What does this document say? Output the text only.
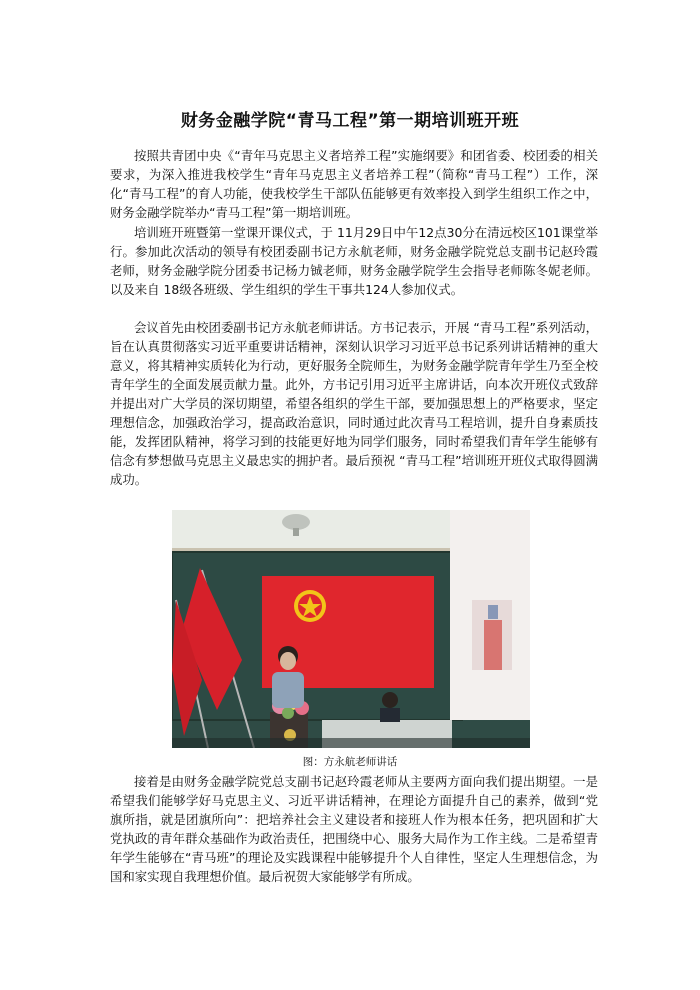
财务金融学院“青马工程”第一期培训班开班

按照共青团中央《“青年马克思主义者培养工程”实施纲要》和团省委、校团委的相关要求，为深入推进我校学生“青年马克思主义者培养工程”（简称“青马工程”）工作，深化“青马工程”的育人功能，使我校学生干部队伍能够更有效率投入到学生组织工作之中，财务金融学院举办“青马工程”第一期培训班。

培训班开班暨第一堂课开课仪式，于 11月29日中午12点30分在清远校区101课堂举行。参加此次活动的领导有校团委副书记方永航老师，财务金融学院党总支副书记赵玲霞老师，财务金融学院分团委书记杨力铖老师，财务金融学院学生会指导老师陈冬妮老师。以及来自 18级各班级、学生组织的学生干事共124人参加仪式。

会议首先由校团委副书记方永航老师讲话。方书记表示，开展 “青马工程”系列活动，旨在认真贯彻落实习近平重要讲话精神，深刻认识学习习近平总书记系列讲话精神的重大意义，将其精神实质转化为行动，更好服务全院师生，为财务金融学院青年学生乃至全校青年学生的全面发展贡献力量。此外，方书记引用习近平主席讲话，向本次开班仪式致辞并提出对广大学员的深切期望，希望各组织的学生干部，要加强思想上的严格要求，坚定理想信念，加强政治学习，提高政治意识，同时通过此次青马工程培训，提升自身素质技能，发挥团队精神，将学习到的技能更好地为同学们服务，同时希望我们青年学生能够有信念有梦想做马克思主义最忠实的拥护者。最后预祝 “青马工程”培训班开班仪式取得圆满成功。

图：方永航老师讲话

接着是由财务金融学院党总支副书记赵玲霞老师从主要两方面向我们提出期望。一是希望我们能够学好马克思主义、习近平讲话精神，在理论方面提升自己的素养，做到“党旗所指，就是团旗所向”：把培养社会主义建设者和接班人作为根本任务，把巩固和扩大党执政的青年群众基础作为政治责任，把围绕中心、服务大局作为工作主线。二是希望青年学生能够在“青马班”的理论及实践课程中能够提升个人自律性，坚定人生理想信念，为国和家实现自我理想价值。最后祝贺大家能够学有所成。
